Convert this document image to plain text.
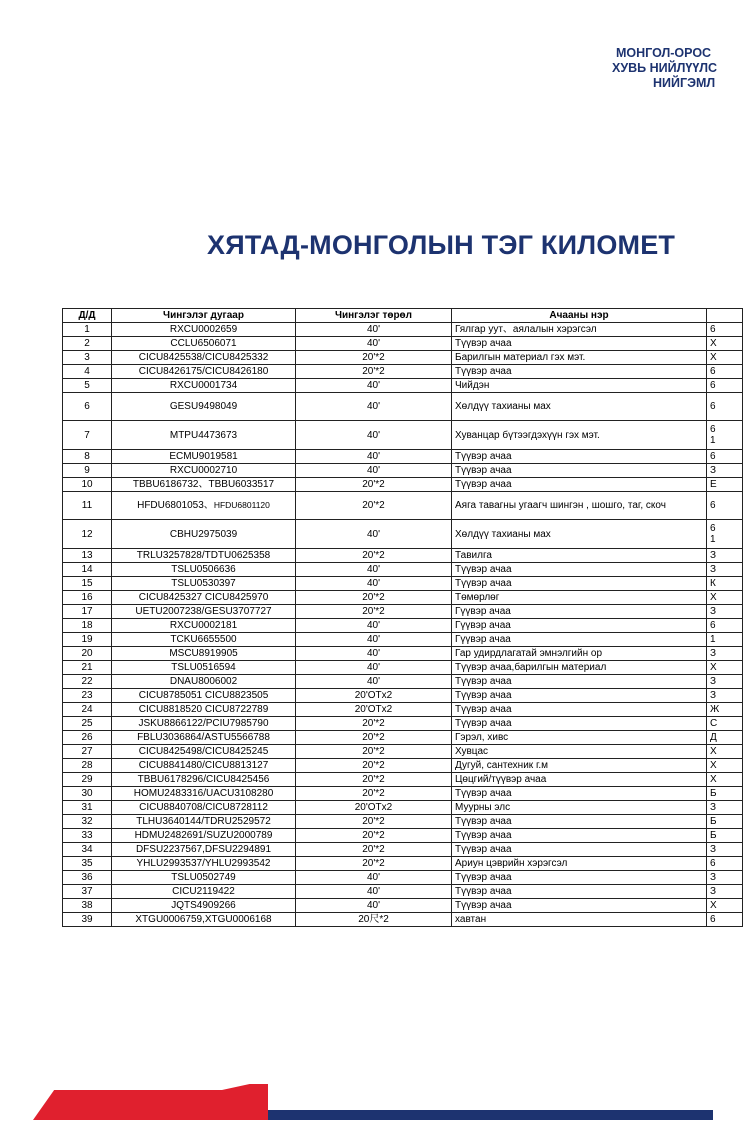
МОНГОЛ-ОРОС
ХУВЬ НИЙЛҮҮЛС
НИЙГЭМЛ
ХЯТАД-МОНГОЛЫН ТЭГ КИЛОМЕТ
Д/Д	Чингэлэг дугаар	Чингэлэг төрөл	Ачааны нэр	
1	RXCU0002659	40'	Гялгар уут、аялалын хэрэгсэл	6
2	CCLU6506071	40'	Түүвэр ачаа	Х
3	CICU8425538/CICU8425332	20'*2	Барилгын материал гэх мэт.	Х
4	CICU8426175/CICU8426180	20'*2	Түүвэр ачаа	6
5	RXCU0001734	40'	Чийдэн	6
6	GESU9498049	40'	Хөлдүү тахианы мах	6
7	MTPU4473673	40'	Хуванцар бүтээгдэхүүн гэх мэт.	6
1
8	ECMU9019581	40'	Түүвэр ачаа	6
9	RXCU0002710	40'	Түүвэр ачаа	З
10	TBBU6186732、TBBU6033517	20'*2	Түүвэр ачаа	Е
11	HFDU6801053、HFDU6801120	20'*2	Аяга тавагны угаагч шингэн , шошго, таг, скоч	6
12	CBHU2975039	40'	Хөлдүү тахианы мах	6
1
13	TRLU3257828/TDTU0625358	20'*2	Тавилга	З
14	TSLU0506636	40'	Түүвэр ачаа	З
15	TSLU0530397	40'	Түүвэр ачаа	К
16	CICU8425327 CICU8425970	20'*2	Төмөрлөг	Х
17	UETU2007238/GESU3707727	20'*2	Гүүвэр ачаа	З
18	RXCU0002181	40'	Гүүвэр ачаа	6
19	TCKU6655500	40'	Гүүвэр ачаа	1
20	MSCU8919905	40'	Гар удирдлагатай эмнэлгийн ор	З
21	TSLU0516594	40'	Түүвэр ачаа,барилгын материал	Х
22	DNAU8006002	40'	Түүвэр ачаа	З
23	CICU8785051 CICU8823505	20'OTx2	Түүвэр ачаа	З
24	CICU8818520 CICU8722789	20'OTx2	Түүвэр ачаа	Ж
25	JSKU8866122/PCIU7985790	20'*2	Түүвэр ачаа	С
26	FBLU3036864/ASTU5566788	20'*2	Гэрэл, хивс	Д
27	CICU8425498/CICU8425245	20'*2	Хувцас	Х
28	CICU8841480/CICU8813127	20'*2	Дугуй, сантехник г.м	Х
29	TBBU6178296/CICU8425456	20'*2	Цөцгий/түүвэр ачаа	Х
30	HOMU2483316/UACU3108280	20'*2	Түүвэр ачаа	Б
31	CICU8840708/CICU8728112	20'OTx2	Муурны элс	З
32	TLHU3640144/TDRU2529572	20'*2	Түүвэр ачаа	Б
33	HDMU2482691/SUZU2000789	20'*2	Түүвэр ачаа	Б
34	DFSU2237567,DFSU2294891	20'*2	Түүвэр ачаа	З
35	YHLU2993537/YHLU2993542	20'*2	Ариун цэврийн хэрэгсэл	6
36	TSLU0502749	40'	Түүвэр ачаа	З
37	CICU2119422	40'	Түүвэр ачаа	З
38	JQTS4909266	40'	Түүвэр ачаа	Х
39	XTGU0006759,XTGU0006168	20尺*2	хавтан	6
